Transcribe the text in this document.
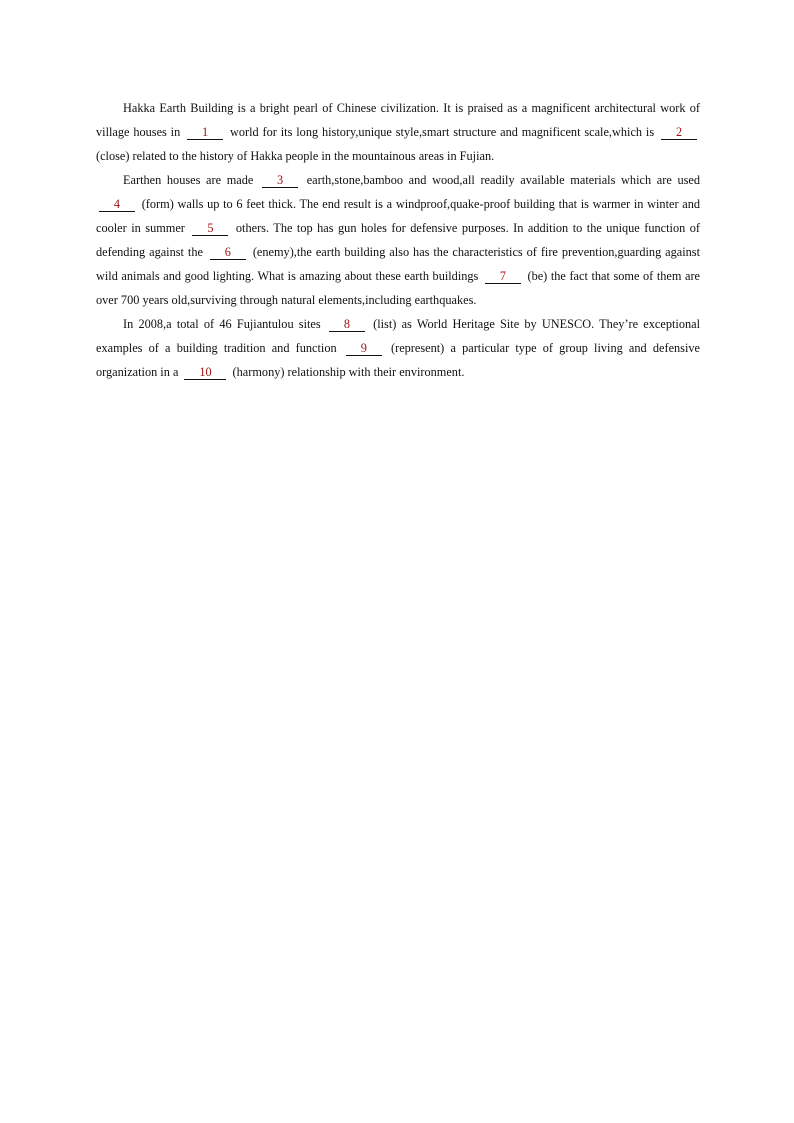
Hakka Earth Building is a bright pearl of Chinese civilization. It is praised as a magnificent architectural work of village houses in 1 world for its long history,unique style,smart structure and magnificent scale,which is 2 (close) related to the history of Hakka people in the mountainous areas in Fujian.

Earthen houses are made 3 earth,stone,bamboo and wood,all readily available materials which are used 4 (form) walls up to 6 feet thick. The end result is a windproof,quake-proof building that is warmer in winter and cooler in summer 5 others. The top has gun holes for defensive purposes. In addition to the unique function of defending against the 6 (enemy),the earth building also has the characteristics of fire prevention,guarding against wild animals and good lighting. What is amazing about these earth buildings 7 (be) the fact that some of them are over 700 years old,surviving through natural elements,including earthquakes.

In 2008,a total of 46 Fujiantulou sites 8 (list) as World Heritage Site by UNESCO. They’re exceptional examples of a building tradition and function 9 (represent) a particular type of group living and defensive organization in a 10 (harmony) relationship with their environment.
